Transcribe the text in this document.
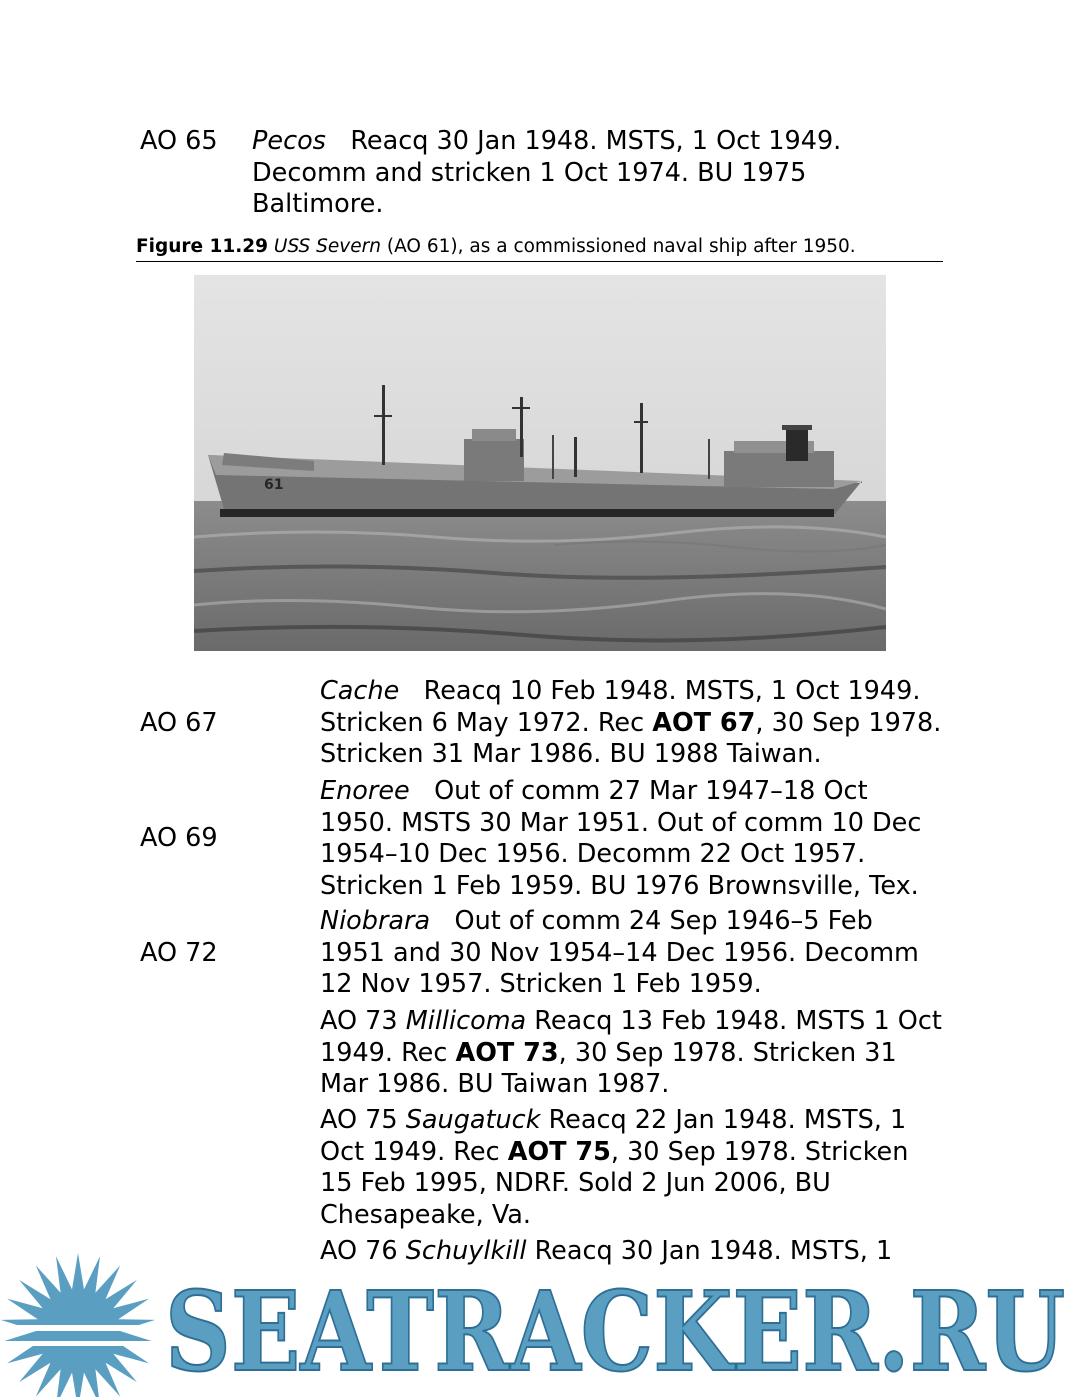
AO 65 Pecos Reacq 30 Jan 1948. MSTS, 1 Oct 1949. Decomm and stricken 1 Oct 1974. BU 1975 Baltimore.
Figure 11.29 USS Severn (AO 61), as a commissioned naval ship after 1950.
61
AO 67
Cache Reacq 10 Feb 1948. MSTS, 1 Oct 1949. Stricken 6 May 1972. Rec AOT 67, 30 Sep 1978. Stricken 31 Mar 1986. BU 1988 Taiwan.
AO 69
Enoree Out of comm 27 Mar 1947–18 Oct 1950. MSTS 30 Mar 1951. Out of comm 10 Dec 1954–10 Dec 1956. Decomm 22 Oct 1957. Stricken 1 Feb 1959. BU 1976 Brownsville, Tex.
AO 72
Niobrara Out of comm 24 Sep 1946–5 Feb 1951 and 30 Nov 1954–14 Dec 1956. Decomm 12 Nov 1957. Stricken 1 Feb 1959.
AO 73 Millicoma Reacq 13 Feb 1948. MSTS 1 Oct 1949. Rec AOT 73, 30 Sep 1978. Stricken 31 Mar 1986. BU Taiwan 1987.
AO 75 Saugatuck Reacq 22 Jan 1948. MSTS, 1 Oct 1949. Rec AOT 75, 30 Sep 1978. Stricken 15 Feb 1995, NDRF. Sold 2 Jun 2006, BU Chesapeake, Va.
AO 76 Schuylkill Reacq 30 Jan 1948. MSTS, 1
SEATRACKER.RU
